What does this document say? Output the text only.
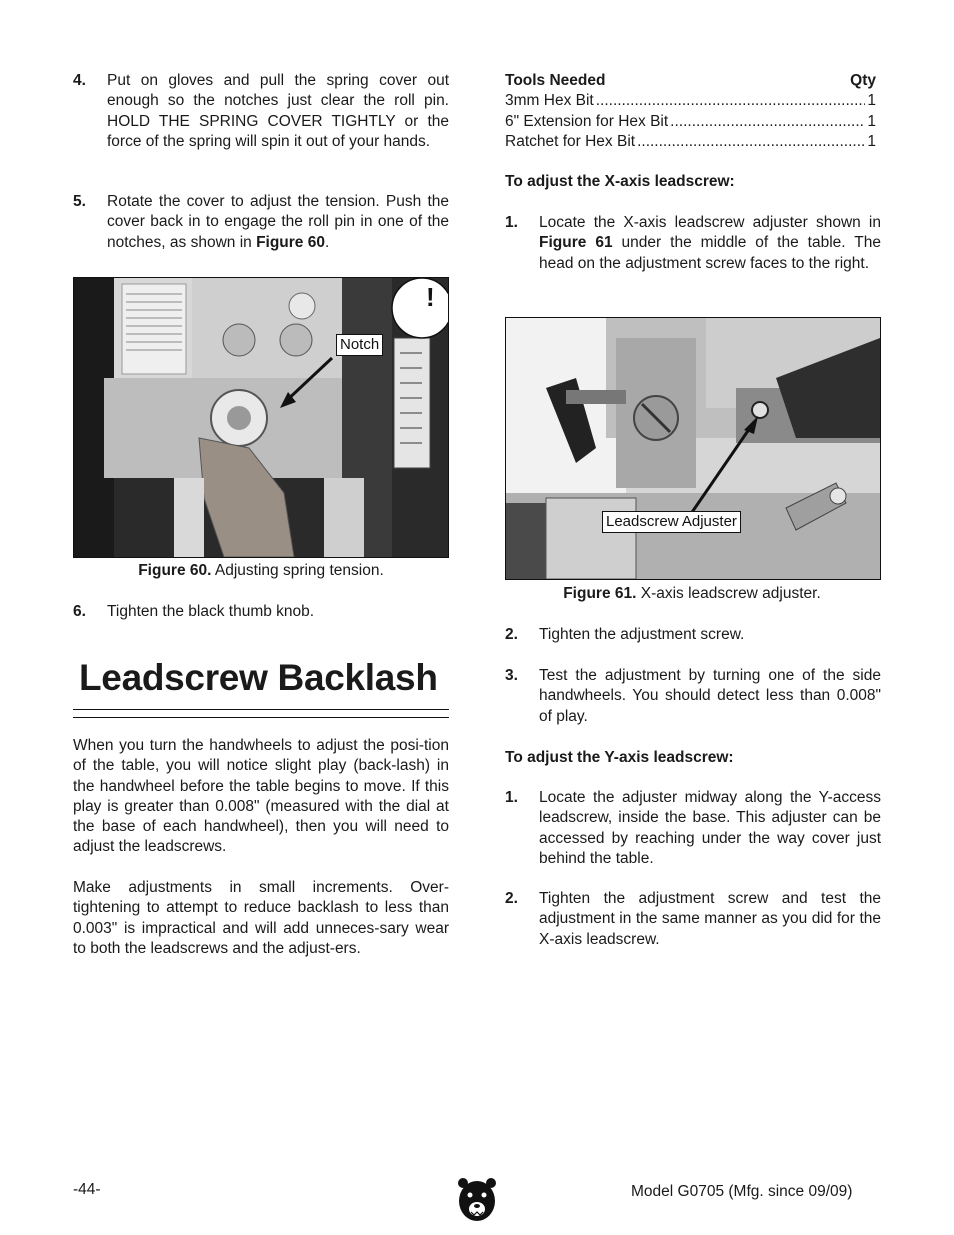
4.	Put on gloves and pull the spring cover out enough so the notches just clear the roll pin. HOLD THE SPRING COVER TIGHTLY or the force of the spring will spin it out of your hands.
5.	Rotate the cover to adjust the tension. Push the cover back in to engage the roll pin in one of the notches, as shown in Figure 60.
!
Notch
Figure 60. Adjusting spring tension.
6.	Tighten the black thumb knob.
Leadscrew Backlash
When you turn the handwheels to adjust the posi-tion of the table, you will notice slight play (back-lash) in the handwheel before the table begins to move. If this play is greater than 0.008" (measured with the dial at the base of each handwheel), then you will need to adjust the leadscrews.
Make adjustments in small increments. Over-tightening to attempt to reduce backlash to less than 0.003" is impractical and will add unneces-sary wear to both the leadscrews and the adjust-ers.
Tools Needed	Qty
3mm Hex Bit .....	1
6" Extension for Hex Bit .....	1
Ratchet for Hex Bit .....	1
To adjust the X-axis leadscrew:
1.	Locate the X-axis leadscrew adjuster shown in Figure 61 under the middle of the table. The head on the adjustment screw faces to the right.
Leadscrew Adjuster
Figure 61. X-axis leadscrew adjuster.
2.	Tighten the adjustment screw.
3.	Test the adjustment by turning one of the side handwheels. You should detect less than 0.008" of play.
To adjust the Y-axis leadscrew:
1.	Locate the adjuster midway along the Y-access leadscrew, inside the base. This adjuster can be accessed by reaching under the way cover just behind the table.
2.	Tighten the adjustment screw and test the adjustment in the same manner as you did for the X-axis leadscrew.
-44-	Model G0705 (Mfg. since 09/09)
